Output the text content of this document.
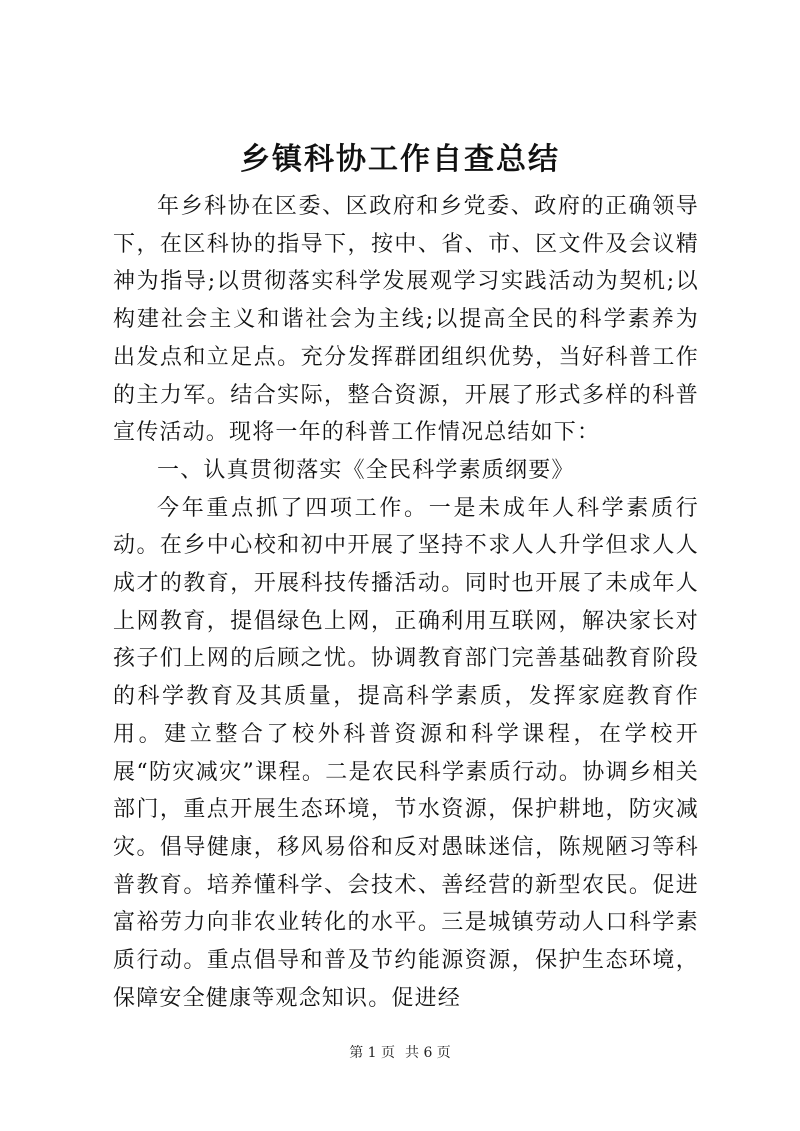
乡镇科协工作自查总结

年乡科协在区委、区政府和乡党委、政府的正确领导下，在区科协的指导下，按中、省、市、区文件及会议精神为指导;以贯彻落实科学发展观学习实践活动为契机;以构建社会主义和谐社会为主线;以提高全民的科学素养为出发点和立足点。充分发挥群团组织优势，当好科普工作的主力军。结合实际，整合资源，开展了形式多样的科普宣传活动。现将一年的科普工作情况总结如下：

一、认真贯彻落实《全民科学素质纲要》

今年重点抓了四项工作。一是未成年人科学素质行动。在乡中心校和初中开展了坚持不求人人升学但求人人成才的教育，开展科技传播活动。同时也开展了未成年人上网教育，提倡绿色上网，正确利用互联网，解决家长对孩子们上网的后顾之忧。协调教育部门完善基础教育阶段的科学教育及其质量，提高科学素质，发挥家庭教育作用。建立整合了校外科普资源和科学课程，在学校开展“防灾减灾”课程。二是农民科学素质行动。协调乡相关部门，重点开展生态环境，节水资源，保护耕地，防灾减灾。倡导健康，移风易俗和反对愚昧迷信，陈规陋习等科普教育。培养懂科学、会技术、善经营的新型农民。促进富裕劳力向非农业转化的水平。三是城镇劳动人口科学素质行动。重点倡导和普及节约能源资源，保护生态环境，保障安全健康等观念知识。促进经

第 1 页 共 6 页
